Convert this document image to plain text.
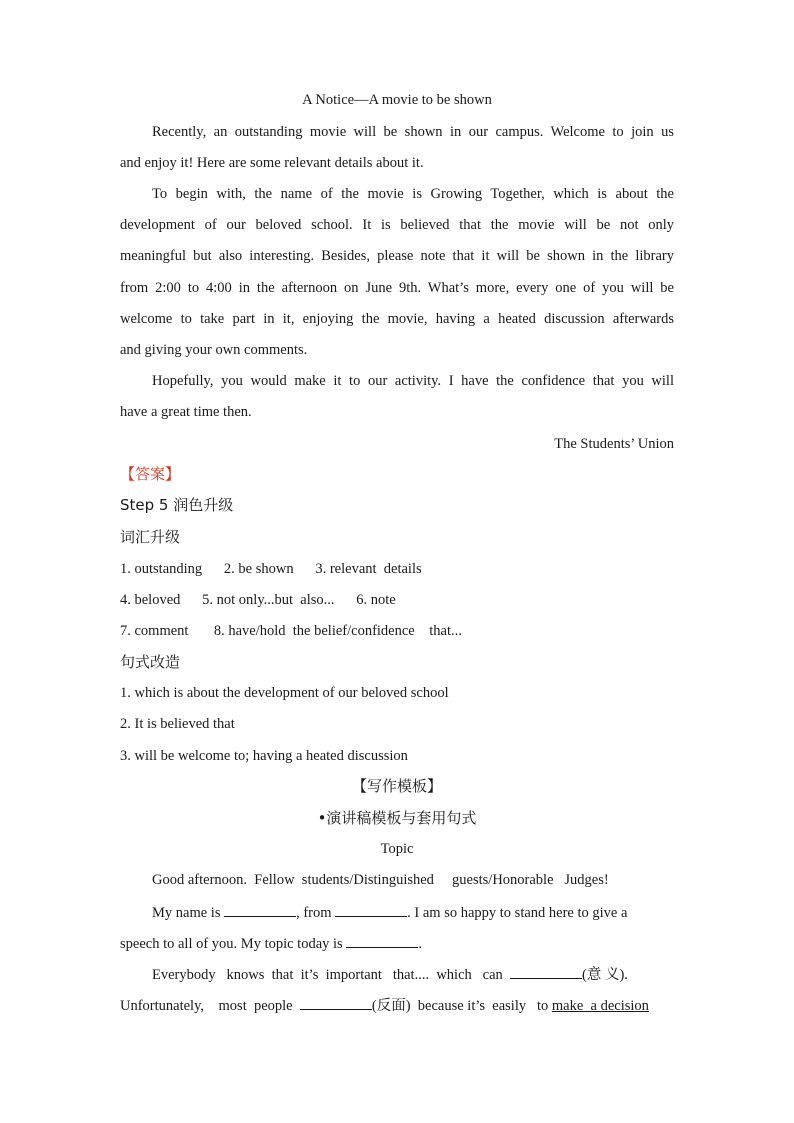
A Notice—A movie to be shown
Recently, an outstanding movie will be shown in our campus. Welcome to join us
and enjoy it! Here are some relevant details about it.
To begin with, the name of the movie is Growing Together, which is about the
development of our beloved school. It is believed that the movie will be not only
meaningful but also interesting. Besides, please note that it will be shown in the library
from 2:00 to 4:00 in the afternoon on June 9th. What’s more, every one of you will be
welcome to take part in it, enjoying the movie, having a heated discussion afterwards
and giving your own comments.
Hopefully, you would make it to our activity. I have the confidence that you will
have a great time then.
The Students’ Union
【答案】
Step 5 润色升级
词汇升级
1. outstanding      2. be shown      3. relevant  details
4. beloved      5. not only...but  also...      6. note
7. comment       8. have/hold  the belief/confidence    that...
句式改造
1. which is about the development of our beloved school
2. It is believed that
3. will be welcome to; having a heated discussion
【写作模板】
•演讲稿模板与套用句式
Topic
Good afternoon.  Fellow  students/Distinguished     guests/Honorable   Judges!
My name is	, from	. I am so happy to stand here to give a
speech to all of you. My topic today is	.
Everybody   knows  that  it’s  important   that....  which   can	(意 义).
Unfortunately,    most  people	(反面)  because it’s  easily   to make  a decision
